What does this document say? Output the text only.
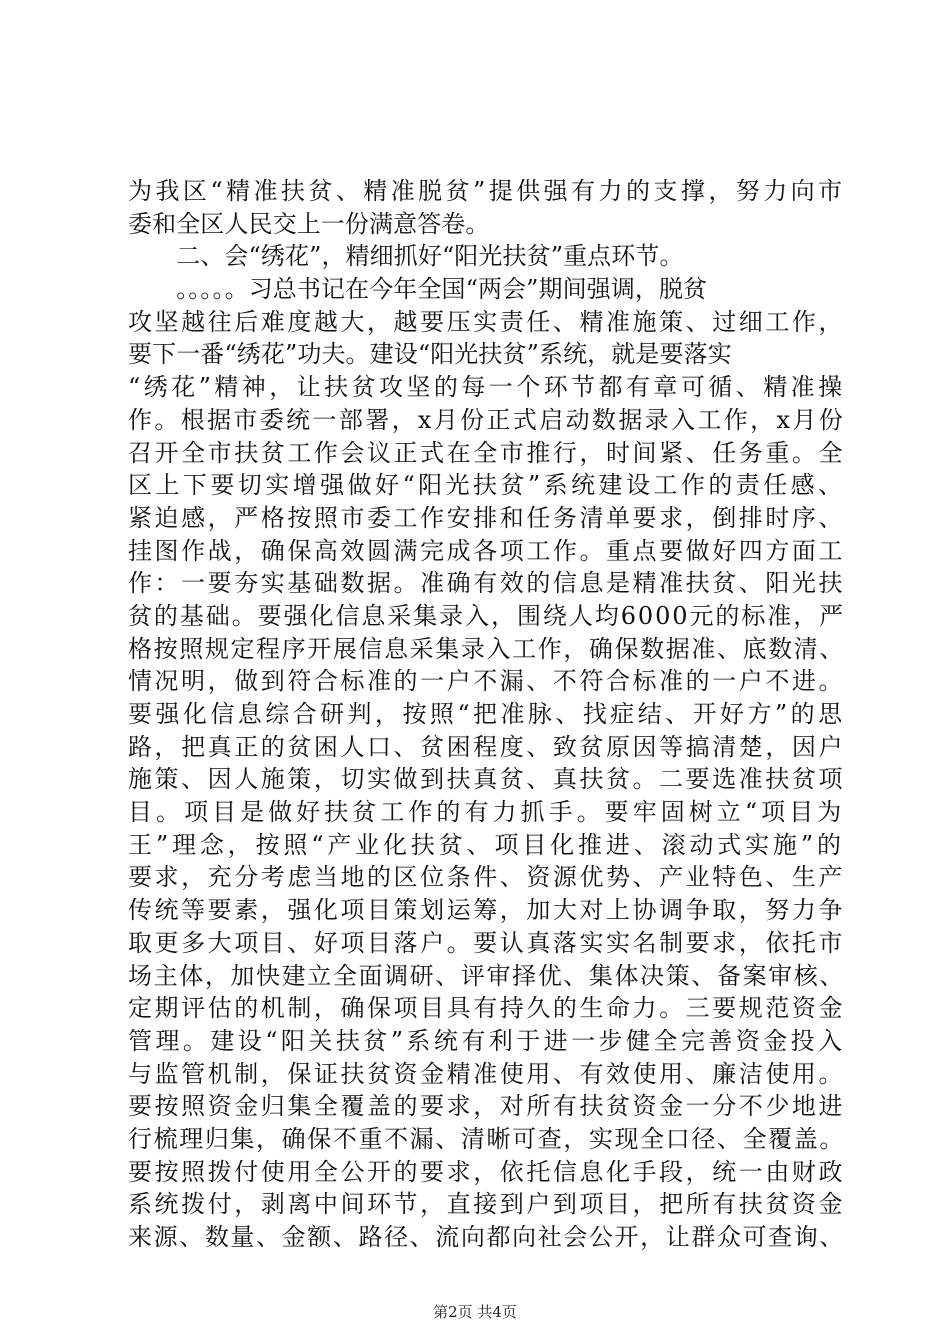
为我区“精准扶贫、精准脱贫”提供强有力的支撑，努力向市
委和全区人民交上一份满意答卷。
　　二、会“绣花”，精细抓好“阳光扶贫”重点环节。
　　。。。。。习总书记在今年全国“两会”期间强调，脱贫
攻坚越往后难度越大，越要压实责任、精准施策、过细工作，
要下一番“绣花”功夫。建设“阳光扶贫”系统，就是要落实
“绣花”精神，让扶贫攻坚的每一个环节都有章可循、精准操
作。根据市委统一部署，x月份正式启动数据录入工作，x月份
召开全市扶贫工作会议正式在全市推行，时间紧、任务重。全
区上下要切实增强做好“阳光扶贫”系统建设工作的责任感、
紧迫感，严格按照市委工作安排和任务清单要求，倒排时序、
挂图作战，确保高效圆满完成各项工作。重点要做好四方面工
作：一要夯实基础数据。准确有效的信息是精准扶贫、阳光扶
贫的基础。要强化信息采集录入，围绕人均6000元的标准，严
格按照规定程序开展信息采集录入工作，确保数据准、底数清、
情况明，做到符合标准的一户不漏、不符合标准的一户不进。
要强化信息综合研判，按照“把准脉、找症结、开好方”的思
路，把真正的贫困人口、贫困程度、致贫原因等搞清楚，因户
施策、因人施策，切实做到扶真贫、真扶贫。二要选准扶贫项
目。项目是做好扶贫工作的有力抓手。要牢固树立“项目为
王”理念，按照“产业化扶贫、项目化推进、滚动式实施”的
要求，充分考虑当地的区位条件、资源优势、产业特色、生产
传统等要素，强化项目策划运筹，加大对上协调争取，努力争
取更多大项目、好项目落户。要认真落实实名制要求，依托市
场主体，加快建立全面调研、评审择优、集体决策、备案审核、
定期评估的机制，确保项目具有持久的生命力。三要规范资金
管理。建设“阳关扶贫”系统有利于进一步健全完善资金投入
与监管机制，保证扶贫资金精准使用、有效使用、廉洁使用。
要按照资金归集全覆盖的要求，对所有扶贫资金一分不少地进
行梳理归集，确保不重不漏、清晰可查，实现全口径、全覆盖。
要按照拨付使用全公开的要求，依托信息化手段，统一由财政
系统拨付，剥离中间环节，直接到户到项目，把所有扶贫资金
来源、数量、金额、路径、流向都向社会公开，让群众可查询、
第2页 共4页
